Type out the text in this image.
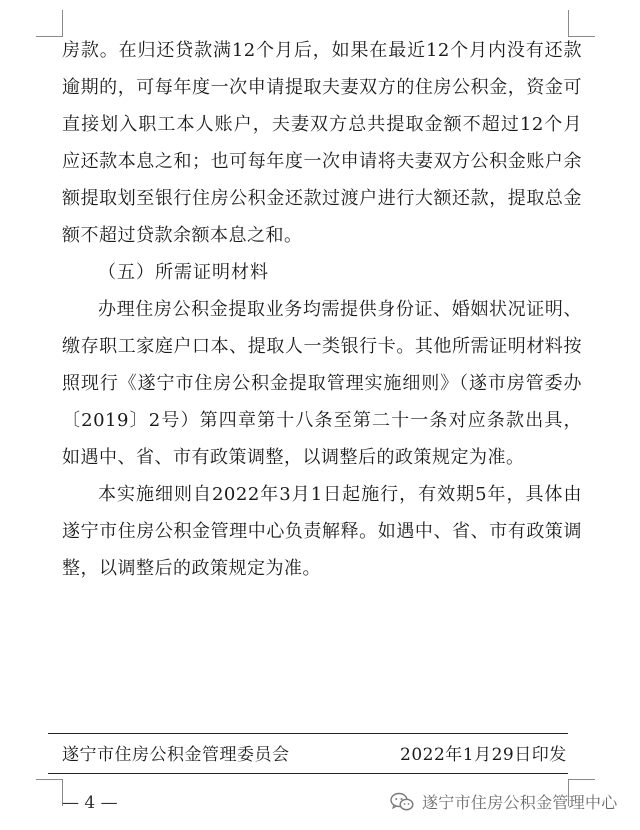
房款。在归还贷款满12个月后，如果在最近12个月内没有还款逾期的，可每年度一次申请提取夫妻双方的住房公积金，资金可直接划入职工本人账户，夫妻双方总共提取金额不超过12个月应还款本息之和；也可每年度一次申请将夫妻双方公积金账户余额提取划至银行住房公积金还款过渡户进行大额还款，提取总金额不超过贷款余额本息之和。

（五）所需证明材料

办理住房公积金提取业务均需提供身份证、婚姻状况证明、缴存职工家庭户口本、提取人一类银行卡。其他所需证明材料按照现行《遂宁市住房公积金提取管理实施细则》（遂市房管委办〔2019〕2号）第四章第十八条至第二十一条对应条款出具，如遇中、省、市有政策调整，以调整后的政策规定为准。

本实施细则自2022年3月1日起施行，有效期5年，具体由遂宁市住房公积金管理中心负责解释。如遇中、省、市有政策调整，以调整后的政策规定为准。

遂宁市住房公积金管理委员会	2022年1月29日印发
— 4 —	遂宁市住房公积金管理中心
